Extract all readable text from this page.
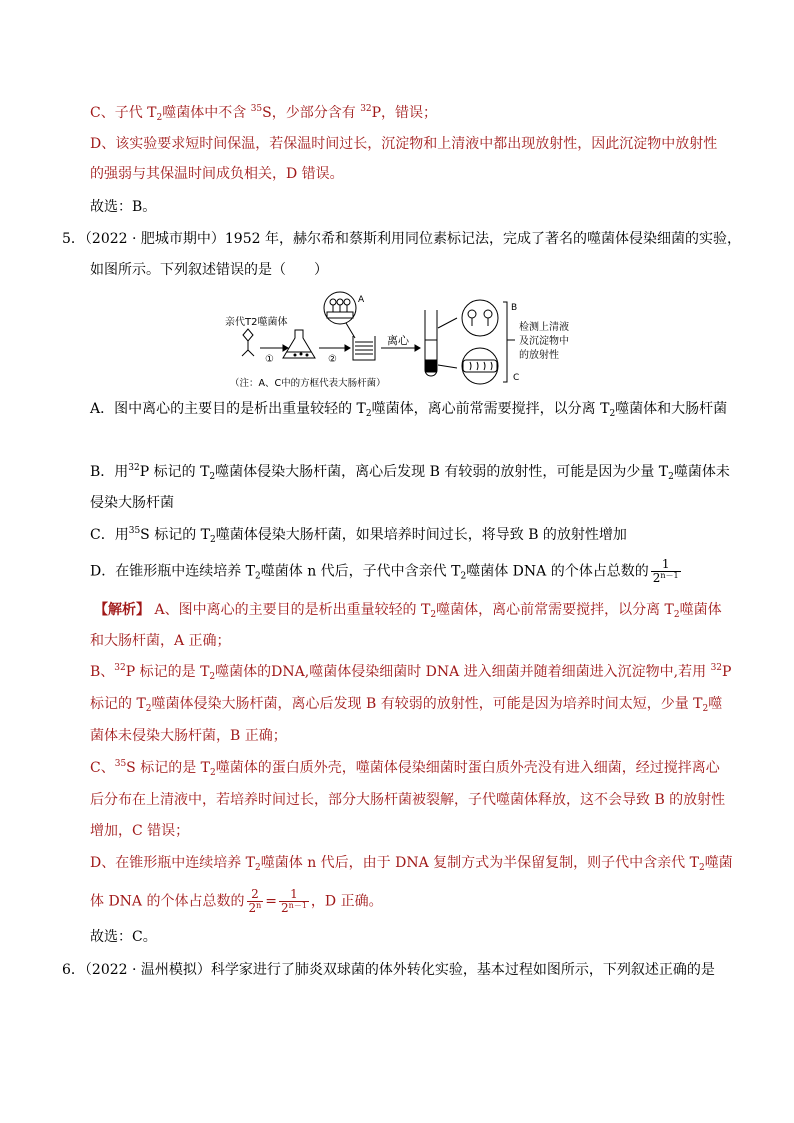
C、子代 $T_2$噬菌体中不含 $^{35}$S，少部分含有 $^{32}$P，错误；
D、该实验要求短时间保温，若保温时间过长，沉淀物和上清液中都出现放射性，因此沉淀物中放射性
的强弱与其保温时间成负相关，D 错误。
故选：B。
5．（2022 · 肥城市期中）1952 年，赫尔希和蔡斯利用同位素标记法，完成了著名的噬菌体侵染细菌的实验，
如图所示。下列叙述错误的是（　　）
亲代T2噬菌体
①	②
离心
A
B
C
检测上清液
及沉淀物中
的放射性
（注：A、C中的方框代表大肠杆菌）
A．图中离心的主要目的是析出重量较轻的 $T_2$噬菌体，离心前常需要搅拌，以分离 $T_2$噬菌体和大肠杆菌
B．用$^{32}$P 标记的 $T_2$噬菌体侵染大肠杆菌，离心后发现 B 有较弱的放射性，可能是因为少量 $T_2$噬菌体未
侵染大肠杆菌
C．用$^{35}$S 标记的 $T_2$噬菌体侵染大肠杆菌，如果培养时间过长，将导致 B 的放射性增加
D．在锥形瓶中连续培养 $T_2$噬菌体 n 代后，子代中含亲代 $T_2$噬菌体 DNA 的个体占总数的 $\frac{1}{2^{n-1}}$
【解析】 A、图中离心的主要目的是析出重量较轻的 $T_2$噬菌体，离心前常需要搅拌，以分离 $T_2$噬菌体
和大肠杆菌，A 正确；
B、$^{32}$P 标记的是 $T_2$噬菌体的DNA,噬菌体侵染细菌时 DNA 进入细菌并随着细菌进入沉淀物中,若用 $^{32}$P
标记的 $T_2$噬菌体侵染大肠杆菌，离心后发现 B 有较弱的放射性，可能是因为培养时间太短，少量 $T_2$噬
菌体未侵染大肠杆菌，B 正确；
C、$^{35}$S 标记的是 $T_2$噬菌体的蛋白质外壳，噬菌体侵染细菌时蛋白质外壳没有进入细菌，经过搅拌离心
后分布在上清液中，若培养时间过长，部分大肠杆菌被裂解，子代噬菌体释放，这不会导致 B 的放射性
增加，C 错误；
D、在锥形瓶中连续培养 $T_2$噬菌体 n 代后，由于 DNA 复制方式为半保留复制，则子代中含亲代 $T_2$噬菌
体 DNA 的个体占总数的 $\frac{2}{2^n} = \frac{1}{2^{n-1}}$ ，D 正确。
故选：C。
6．（2022 · 温州模拟）科学家进行了肺炎双球菌的体外转化实验，基本过程如图所示，下列叙述正确的是
